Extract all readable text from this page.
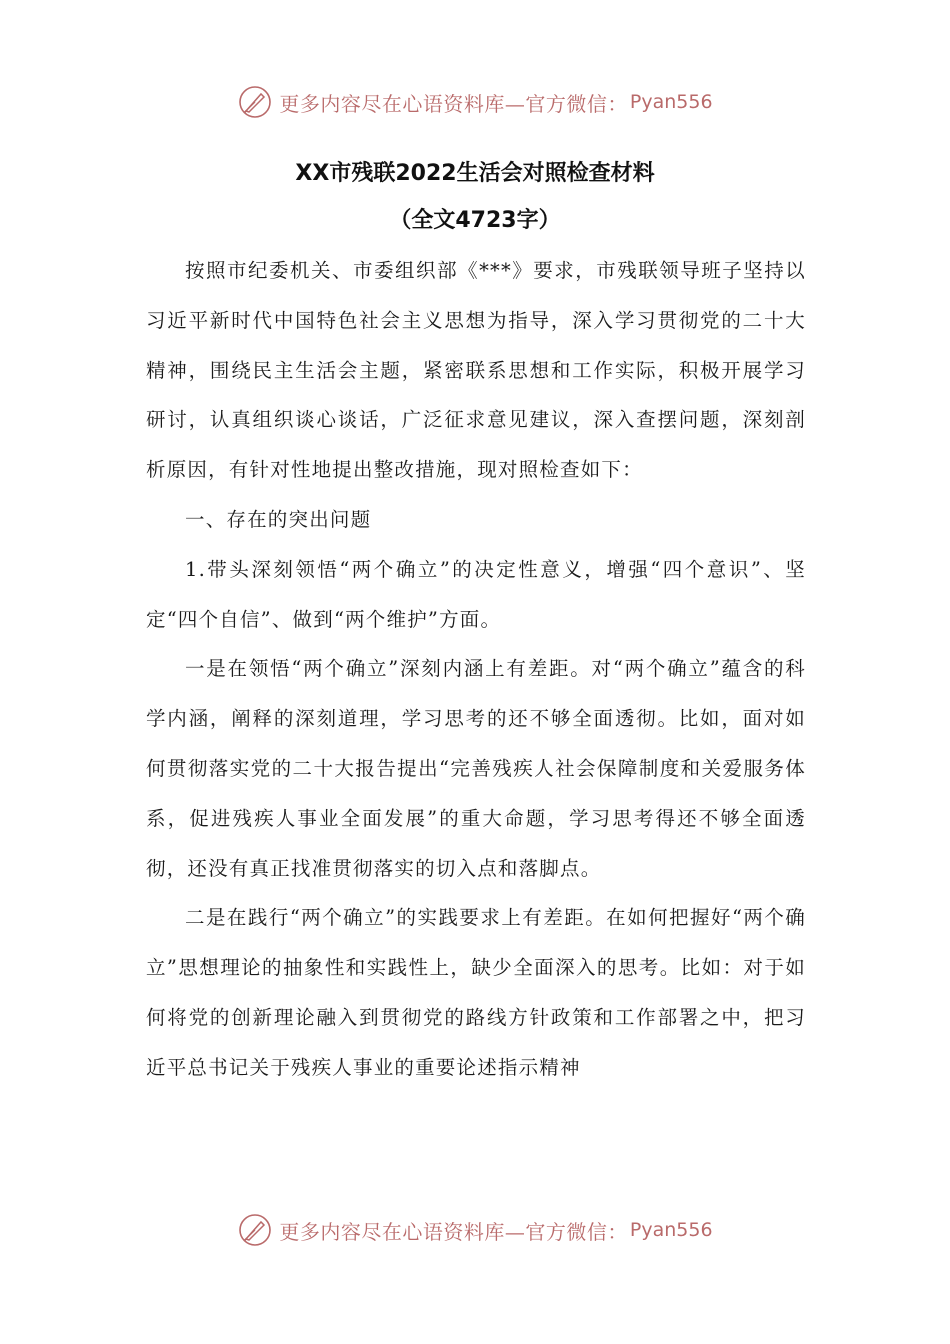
更多内容尽在心语资料库—官方微信： Pyan556
XX市残联2022生活会对照检查材料
（全文4723字）

按照市纪委机关、市委组织部《***》要求，市残联领导班子坚持以习近平新时代中国特色社会主义思想为指导，深入学习贯彻党的二十大精神，围绕民主生活会主题，紧密联系思想和工作实际，积极开展学习研讨，认真组织谈心谈话，广泛征求意见建议，深入查摆问题，深刻剖析原因，有针对性地提出整改措施，现对照检查如下：

一、存在的突出问题

1.带头深刻领悟“两个确立”的决定性意义，增强“四个意识”、坚定“四个自信”、做到“两个维护”方面。

一是在领悟“两个确立”深刻内涵上有差距。对“两个确立”蕴含的科学内涵，阐释的深刻道理，学习思考的还不够全面透彻。比如，面对如何贯彻落实党的二十大报告提出“完善残疾人社会保障制度和关爱服务体系，促进残疾人事业全面发展”的重大命题，学习思考得还不够全面透彻，还没有真正找准贯彻落实的切入点和落脚点。

二是在践行“两个确立”的实践要求上有差距。在如何把握好“两个确立”思想理论的抽象性和实践性上，缺少全面深入的思考。比如：对于如何将党的创新理论融入到贯彻党的路线方针政策和工作部署之中，把习近平总书记关于残疾人事业的重要论述指示精神

更多内容尽在心语资料库—官方微信： Pyan556
